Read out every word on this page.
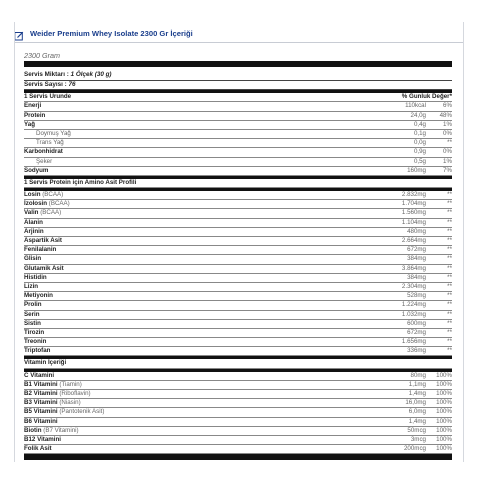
Weider Premium Whey Isolate 2300 Gr İçeriği
2300 Gram
Servis Miktarı : 1 Ölçek (30 g)
Servis Sayısı : 76
1 Servis Urunde	% Gunluk Değer*
Enerji	110kcal	6%
Protein	24,0g	48%
Yağ	0,4g	1%
Doymuş Yağ	0,1g	0%
Trans Yağ	0,0g	**
Karbonhidrat	0,9g	0%
Şeker	0,5g	1%
Sodyum	160mg	7%
1 Servis Protein için Amino Asit Profili
Losin (BCAA)	2.832mg	**
İzolosin (BCAA)	1.704mg	**
Valin (BCAA)	1.560mg	**
Alanin	1.104mg	**
Arjinin	480mg	**
Aspartik Asit	2.664mg	**
Fenilalanin	672mg	**
Glisin	384mg	**
Glutamik Asit	3.864mg	**
Histidin	384mg	**
Lizin	2.304mg	**
Metiyonin	528mg	**
Prolin	1.224mg	**
Serin	1.032mg	**
Sistin	600mg	**
Tirozin	672mg	**
Treonin	1.656mg	**
Triptofan	336mg	**
Vitamin İçeriği
C Vitamini	80mg	100%
B1 Vitamini (Tiamin)	1,1mg	100%
B2 Vitamini (Riboflavin)	1,4mg	100%
B3 Vitamini (Niasin)	16,0mg	100%
B5 Vitamini (Pantotenik Asit)	6,0mg	100%
B6 Vitamini	1,4mg	100%
Biotin (B7 Vitamini)	50mcg	100%
B12 Vitamini	3mcg	100%
Folik Asit	200mcg	100%
